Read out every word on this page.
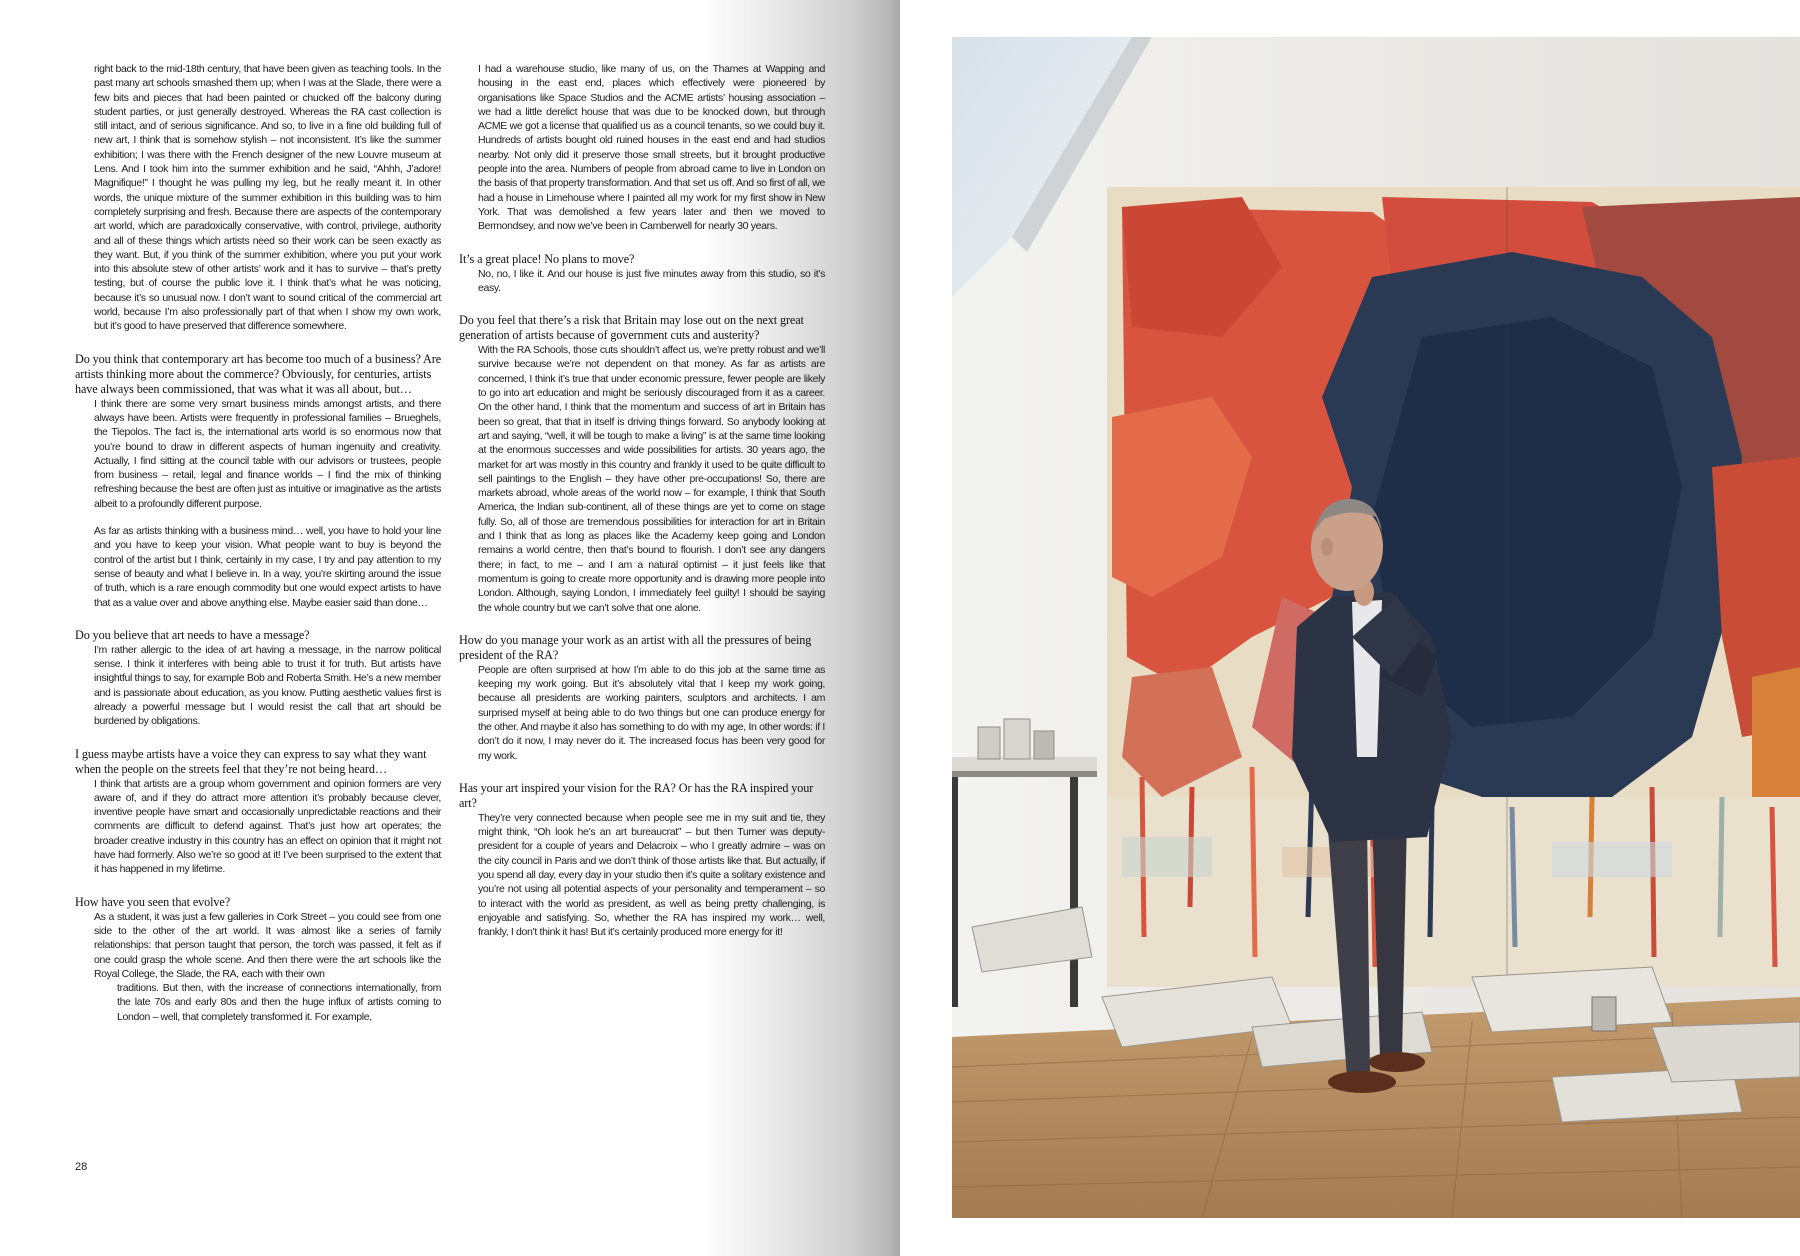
right back to the mid-18th century, that have been given as teaching tools. In the past many art schools smashed them up; when I was at the Slade, there were a few bits and pieces that had been painted or chucked off the balcony during student parties, or just generally destroyed. Whereas the RA cast collection is still intact, and of serious significance. And so, to live in a fine old building full of new art, I think that is somehow stylish – not inconsistent. It’s like the summer exhibition; I was there with the French designer of the new Louvre museum at Lens. And I took him into the summer exhibition and he said, “Ahhh, J’adore! Magnifique!” I thought he was pulling my leg, but he really meant it. In other words, the unique mixture of the summer exhibition in this building was to him completely surprising and fresh. Because there are aspects of the contemporary art world, which are paradoxically conservative, with control, privilege, authority and all of these things which artists need so their work can be seen exactly as they want. But, if you think of the summer exhibition, where you put your work into this absolute stew of other artists’ work and it has to survive – that’s pretty testing, but of course the public love it. I think that’s what he was noticing, because it’s so unusual now. I don’t want to sound critical of the commercial art world, because I’m also professionally part of that when I show my own work, but it’s good to have preserved that difference somewhere.

Do you think that contemporary art has become too much of a business? Are artists thinking more about the commerce? Obviously, for centuries, artists have always been commissioned, that was what it was all about, but…

I think there are some very smart business minds amongst artists, and there always have been. Artists were frequently in professional families – Brueghels, the Tiepolos. The fact is, the international arts world is so enormous now that you’re bound to draw in different aspects of human ingenuity and creativity. Actually, I find sitting at the council table with our advisors or trustees, people from business – retail, legal and finance worlds – I find the mix of thinking refreshing because the best are often just as intuitive or imaginative as the artists albeit to a profoundly different purpose.

As far as artists thinking with a business mind… well, you have to hold your line and you have to keep your vision. What people want to buy is beyond the control of the artist but I think, certainly in my case, I try and pay attention to my sense of beauty and what I believe in. In a way, you’re skirting around the issue of truth, which is a rare enough commodity but one would expect artists to have that as a value over and above anything else. Maybe easier said than done…

Do you believe that art needs to have a message?

I’m rather allergic to the idea of art having a message, in the narrow political sense. I think it interferes with being able to trust it for truth. But artists have insightful things to say, for example Bob and Roberta Smith. He’s a new member and is passionate about education, as you know. Putting aesthetic values first is already a powerful message but I would resist the call that art should be burdened by obligations.

I guess maybe artists have a voice they can express to say what they want when the people on the streets feel that they’re not being heard…

I think that artists are a group whom government and opinion formers are very aware of, and if they do attract more attention it’s probably because clever, inventive people have smart and occasionally unpredictable reactions and their comments are difficult to defend against. That’s just how art operates; the broader creative industry in this country has an effect on opinion that it might not have had formerly. Also we’re so good at it! I’ve been surprised to the extent that it has happened in my lifetime.

How have you seen that evolve?

As a student, it was just a few galleries in Cork Street – you could see from one side to the other of the art world. It was almost like a series of family relationships: that person taught that person, the torch was passed, it felt as if one could grasp the whole scene. And then there were the art schools like the Royal College, the Slade, the RA, each with their own

traditions. But then, with the increase of connections internationally, from the late 70s and early 80s and then the huge influx of artists coming to London – well, that completely transformed it. For example,

I had a warehouse studio, like many of us, on the Thames at Wapping and housing in the east end, places which effectively were pioneered by organisations like Space Studios and the ACME artists’ housing association – we had a little derelict house that was due to be knocked down, but through ACME we got a license that qualified us as a council tenants, so we could buy it. Hundreds of artists bought old ruined houses in the east end and had studios nearby. Not only did it preserve those small streets, but it brought productive people into the area. Numbers of people from abroad came to live in London on the basis of that property transformation. And that set us off. And so first of all, we had a house in Limehouse where I painted all my work for my first show in New York. That was demolished a few years later and then we moved to Bermondsey, and now we’ve been in Camberwell for nearly 30 years.

It’s a great place! No plans to move?

No, no, I like it. And our house is just five minutes away from this studio, so it’s easy.

Do you feel that there’s a risk that Britain may lose out on the next great generation of artists because of government cuts and austerity?

With the RA Schools, those cuts shouldn’t affect us, we’re pretty robust and we’ll survive because we’re not dependent on that money. As far as artists are concerned, I think it’s true that under economic pressure, fewer people are likely to go into art education and might be seriously discouraged from it as a career. On the other hand, I think that the momentum and success of art in Britain has been so great, that that in itself is driving things forward. So anybody looking at art and saying, “well, it will be tough to make a living” is at the same time looking at the enormous successes and wide possibilities for artists. 30 years ago, the market for art was mostly in this country and frankly it used to be quite difficult to sell paintings to the English – they have other pre-occupations! So, there are markets abroad, whole areas of the world now – for example, I think that South America, the Indian sub-continent, all of these things are yet to come on stage fully. So, all of those are tremendous possibilities for interaction for art in Britain and I think that as long as places like the Academy keep going and London remains a world centre, then that’s bound to flourish. I don’t see any dangers there; in fact, to me – and I am a natural optimist – it just feels like that momentum is going to create more opportunity and is drawing more people into London. Although, saying London, I immediately feel guilty! I should be saying the whole country but we can’t solve that one alone.

How do you manage your work as an artist with all the pressures of being president of the RA?

People are often surprised at how I’m able to do this job at the same time as keeping my work going. But it’s absolutely vital that I keep my work going, because all presidents are working painters, sculptors and architects. I am surprised myself at being able to do two things but one can produce energy for the other. And maybe it also has something to do with my age, In other words: if I don’t do it now, I may never do it. The increased focus has been very good for my work.

Has your art inspired your vision for the RA? Or has the RA inspired your art?

They’re very connected because when people see me in my suit and tie, they might think, “Oh look he’s an art bureaucrat” – but then Turner was deputy-president for a couple of years and Delacroix – who I greatly admire – was on the city council in Paris and we don’t think of those artists like that. But actually, if you spend all day, every day in your studio then it’s quite a solitary existence and you’re not using all potential aspects of your personality and temperament – so to interact with the world as president, as well as being pretty challenging, is enjoyable and satisfying. So, whether the RA has inspired my work… well, frankly, I don’t think it has! But it’s certainly produced more energy for it!

28
